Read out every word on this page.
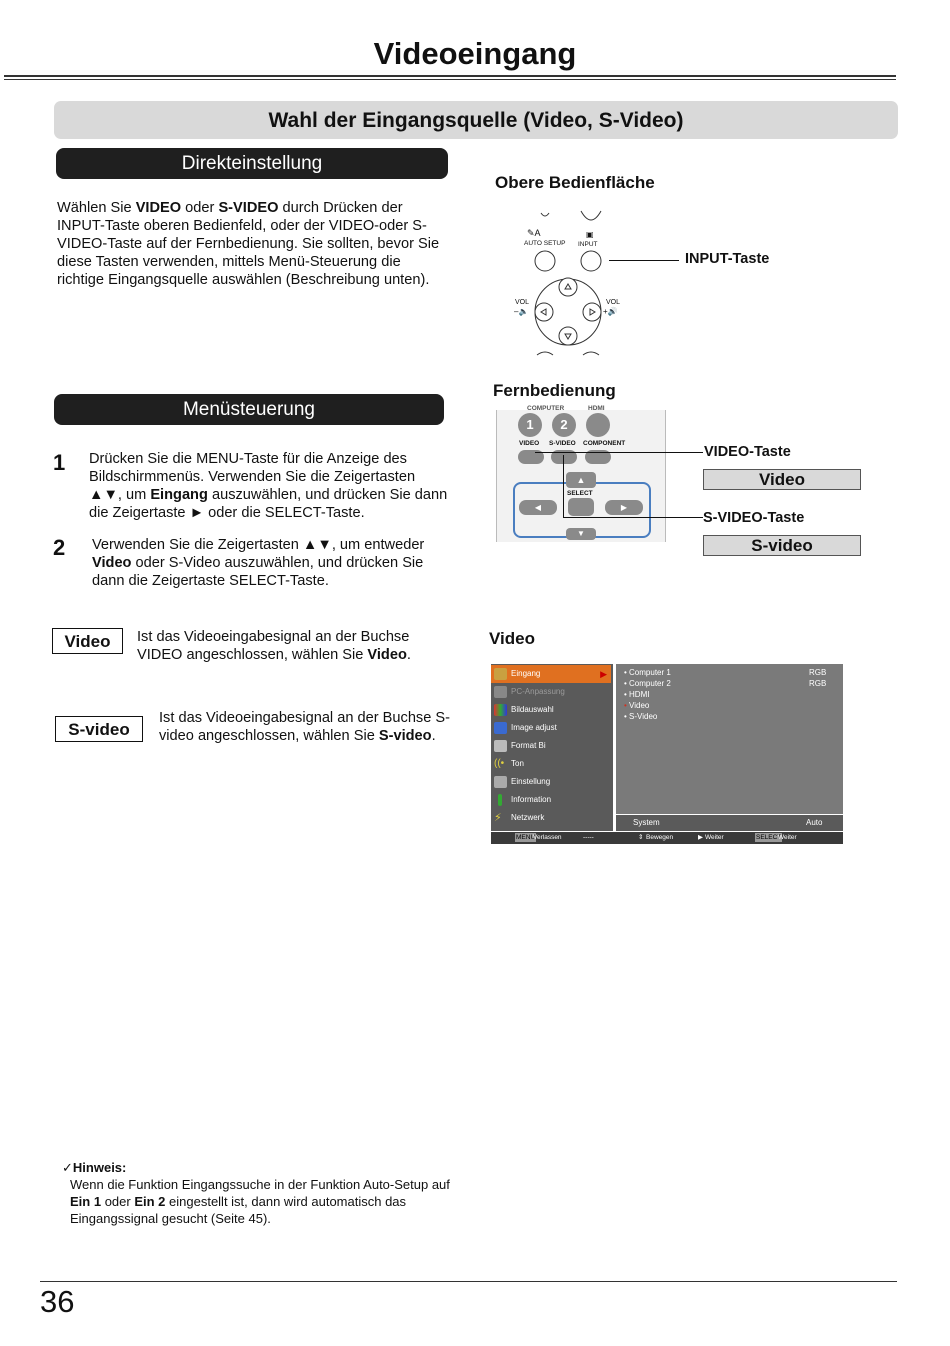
Videoeingang
Wahl der Eingangsquelle (Video, S-Video)
Direkteinstellung
Wählen Sie VIDEO oder S-VIDEO durch Drücken der INPUT-Taste oberen Bedienfeld, oder der VIDEO-oder S-VIDEO-Taste auf der Fernbedienung. Sie sollten, bevor Sie diese Tasten verwenden, mittels Menü-Steuerung die richtige Eingangsquelle auswählen (Beschreibung unten).
Obere Bedienfläche
✎A
AUTO SETUP
▣
INPUT
VOL
–🔈
VOL
+🔊
INPUT-Taste
Menüsteuerung
1 Drücken Sie die MENU-Taste für die Anzeige des Bildschirmmenüs. Verwenden Sie die Zeigertasten ▲▼, um Eingang auszuwählen, und drücken Sie dann die Zeigertaste ► oder die SELECT-Taste.
2 Verwenden Sie die Zeigertasten ▲▼, um entweder Video oder S-Video auszuwählen, und drücken Sie dann die Zeigertaste SELECT-Taste.
Fernbedienung
COMPUTER	HDMI
1	2
VIDEO S-VIDEO COMPONENT
▲
SELECT
◀	▶
▼
VIDEO-Taste
Video
S-VIDEO-Taste
S-video
Video	Ist das Videoeingabesignal an der Buchse VIDEO angeschlossen, wählen Sie Video.
S-video
Ist das Videoeingabesignal an der Buchse S-video angeschlossen, wählen Sie S-video.
Video
Eingang	▶
PC-Anpassung
Bildauswahl
Image adjust
Format Bi
((• Ton
Einstellung
Information
⚡	Netzwerk
• Computer 1	RGB
• Computer 2	RGB
• HDMI
• Video
• S-Video
System	Auto
MENU
Verlassen	-----	⇕ Bewegen	▶ Weiter	SELECT
Weiter
✓Hinweis:
Wenn die Funktion Eingangssuche in der Funktion Auto-Setup auf Ein 1 oder Ein 2 eingestellt ist, dann wird automatisch das Eingangssignal gesucht (Seite 45).
36
